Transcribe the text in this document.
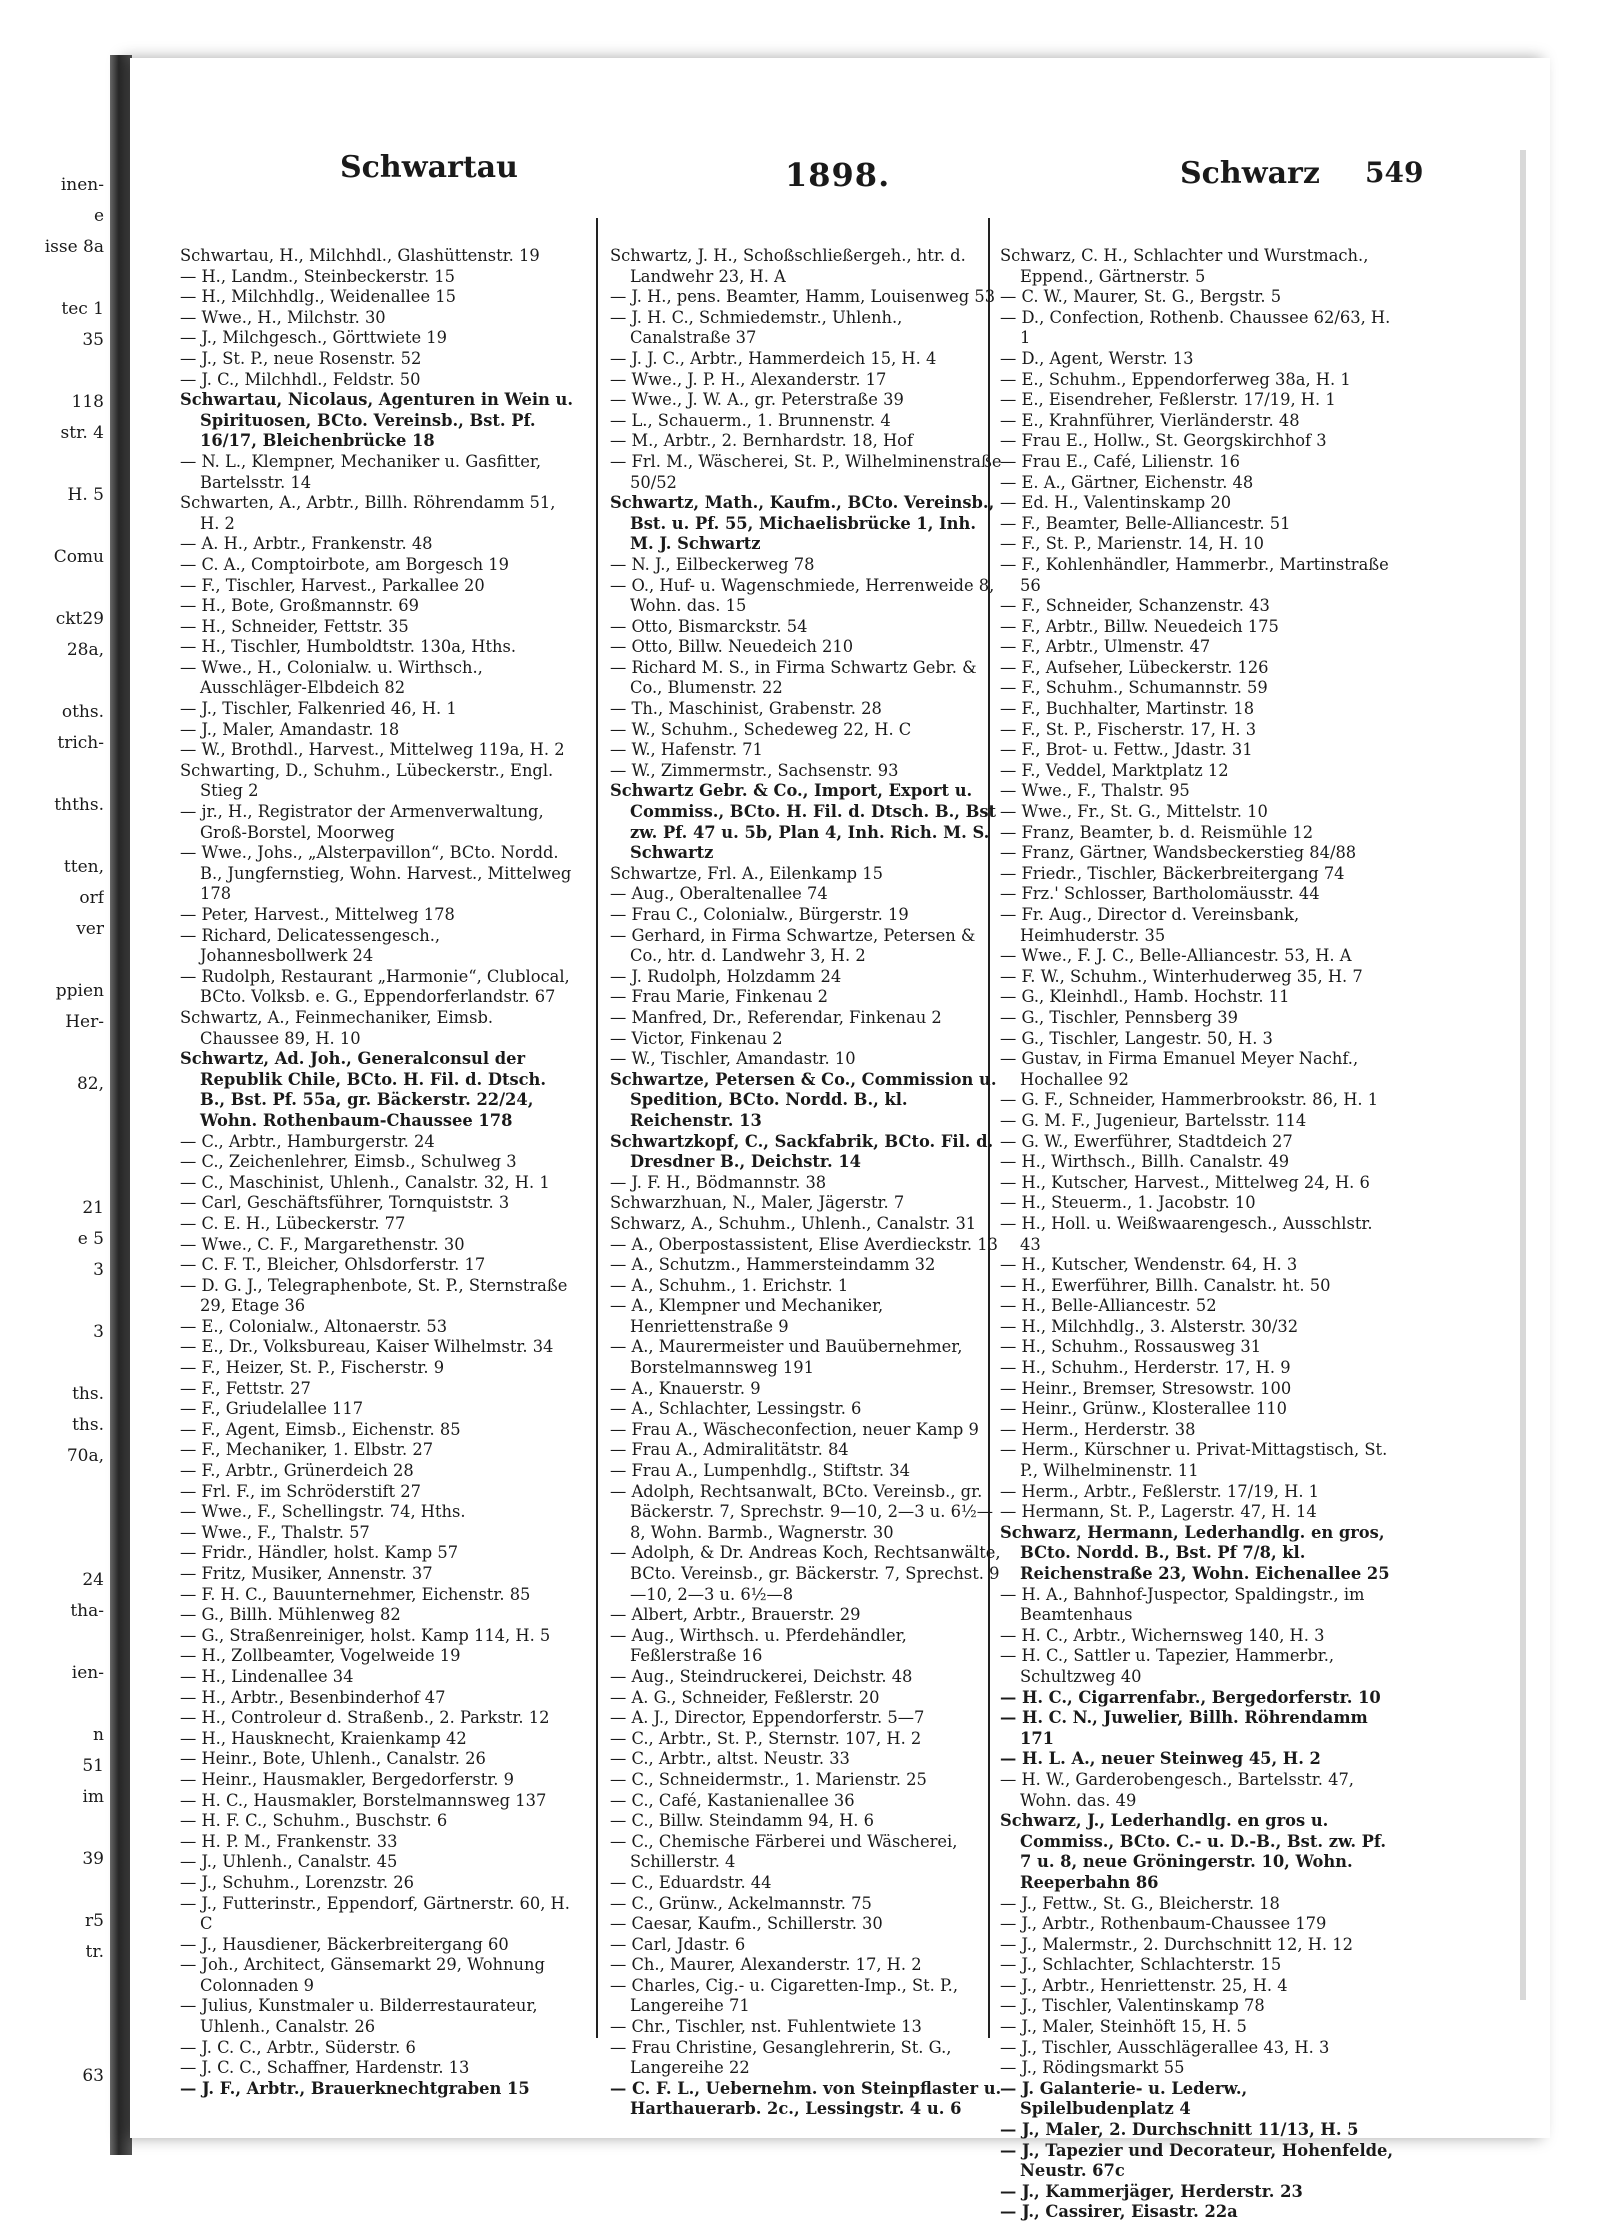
inen-
e
isse 8a
tec 1
35
118
str. 4
H. 5
Comu
ckt29
28a,
oths.
trich-
thths.
tten,
orf
ver
ppien
Her-
82,
21
e 5
3
3
ths.
ths.
70a,
24
tha-
ien-
n
51
im
39
r5
tr.
63
Schwartau	1898.	Schwarz 549

Schwartau, H., Milchhdl., Glashüttenstr. 19

— H., Landm., Steinbeckerstr. 15

— H., Milchhdlg., Weidenallee 15

— Wwe., H., Milchstr. 30

— J., Milchgesch., Görttwiete 19

— J., St. P., neue Rosenstr. 52

— J. C., Milchhdl., Feldstr. 50

Schwartau, Nicolaus, Agenturen in Wein u. Spirituosen, BCto. Vereinsb., Bst. Pf. 16/17, Bleichenbrücke 18

— N. L., Klempner, Mechaniker u. Gasfitter, Bartelsstr. 14

Schwarten, A., Arbtr., Billh. Röhrendamm 51, H. 2

— A. H., Arbtr., Frankenstr. 48

— C. A., Comptoirbote, am Borgesch 19

— F., Tischler, Harvest., Parkallee 20

— H., Bote, Großmannstr. 69

— H., Schneider, Fettstr. 35

— H., Tischler, Humboldtstr. 130a, Hths.

— Wwe., H., Colonialw. u. Wirthsch., Ausschläger-Elbdeich 82

— J., Tischler, Falkenried 46, H. 1

— J., Maler, Amandastr. 18

— W., Brothdl., Harvest., Mittelweg 119a, H. 2

Schwarting, D., Schuhm., Lübeckerstr., Engl. Stieg 2

— jr., H., Registrator der Armenverwaltung, Groß-Borstel, Moorweg

— Wwe., Johs., „Alsterpavillon“, BCto. Nordd. B., Jungfernstieg, Wohn. Harvest., Mittelweg 178

— Peter, Harvest., Mittelweg 178

— Richard, Delicatessengesch., Johannesbollwerk 24

— Rudolph, Restaurant „Harmonie“, Clublocal, BCto. Volksb. e. G., Eppendorferlandstr. 67

Schwartz, A., Feinmechaniker, Eimsb. Chaussee 89, H. 10

Schwartz, Ad. Joh., Generalconsul der Republik Chile, BCto. H. Fil. d. Dtsch. B., Bst. Pf. 55a, gr. Bäckerstr. 22/24, Wohn. Rothenbaum-Chaussee 178

— C., Arbtr., Hamburgerstr. 24

— C., Zeichenlehrer, Eimsb., Schulweg 3

— C., Maschinist, Uhlenh., Canalstr. 32, H. 1

— Carl, Geschäftsführer, Tornquiststr. 3

— C. E. H., Lübeckerstr. 77

— Wwe., C. F., Margarethenstr. 30

— C. F. T., Bleicher, Ohlsdorferstr. 17

— D. G. J., Telegraphenbote, St. P., Sternstraße 29, Etage 36

— E., Colonialw., Altonaerstr. 53

— E., Dr., Volksbureau, Kaiser Wilhelmstr. 34

— F., Heizer, St. P., Fischerstr. 9

— F., Fettstr. 27

— F., Griudelallee 117

— F., Agent, Eimsb., Eichenstr. 85

— F., Mechaniker, 1. Elbstr. 27

— F., Arbtr., Grünerdeich 28

— Frl. F., im Schröderstift 27

— Wwe., F., Schellingstr. 74, Hths.

— Wwe., F., Thalstr. 57

— Fridr., Händler, holst. Kamp 57

— Fritz, Musiker, Annenstr. 37

— F. H. C., Bauunternehmer, Eichenstr. 85

— G., Billh. Mühlenweg 82

— G., Straßenreiniger, holst. Kamp 114, H. 5

— H., Zollbeamter, Vogelweide 19

— H., Lindenallee 34

— H., Arbtr., Besenbinderhof 47

— H., Controleur d. Straßenb., 2. Parkstr. 12

— H., Hausknecht, Kraienkamp 42

— Heinr., Bote, Uhlenh., Canalstr. 26

— Heinr., Hausmakler, Bergedorferstr. 9

— H. C., Hausmakler, Borstelmannsweg 137

— H. F. C., Schuhm., Buschstr. 6

— H. P. M., Frankenstr. 33

— J., Uhlenh., Canalstr. 45

— J., Schuhm., Lorenzstr. 26

— J., Futterinstr., Eppendorf, Gärtnerstr. 60, H. C

— J., Hausdiener, Bäckerbreitergang 60

— Joh., Architect, Gänsemarkt 29, Wohnung Colonnaden 9

— Julius, Kunstmaler u. Bilderrestaurateur, Uhlenh., Canalstr. 26

— J. C. C., Arbtr., Süderstr. 6

— J. C. C., Schaffner, Hardenstr. 13

— J. F., Arbtr., Brauerknechtgraben 15

Schwartz, J. H., Schoßschließergeh., htr. d. Landwehr 23, H. A

— J. H., pens. Beamter, Hamm, Louisenweg 53

— J. H. C., Schmiedemstr., Uhlenh., Canalstraße 37

— J. J. C., Arbtr., Hammerdeich 15, H. 4

— Wwe., J. P. H., Alexanderstr. 17

— Wwe., J. W. A., gr. Peterstraße 39

— L., Schauerm., 1. Brunnenstr. 4

— M., Arbtr., 2. Bernhardstr. 18, Hof

— Frl. M., Wäscherei, St. P., Wilhelminenstraße 50/52

Schwartz, Math., Kaufm., BCto. Vereinsb., Bst. u. Pf. 55, Michaelisbrücke 1, Inh. M. J. Schwartz

— N. J., Eilbeckerweg 78

— O., Huf- u. Wagenschmiede, Herrenweide 8, Wohn. das. 15

— Otto, Bismarckstr. 54

— Otto, Billw. Neuedeich 210

— Richard M. S., in Firma Schwartz Gebr. & Co., Blumenstr. 22

— Th., Maschinist, Grabenstr. 28

— W., Schuhm., Schedeweg 22, H. C

— W., Hafenstr. 71

— W., Zimmermstr., Sachsenstr. 93

Schwartz Gebr. & Co., Import, Export u. Commiss., BCto. H. Fil. d. Dtsch. B., Bst zw. Pf. 47 u. 5b, Plan 4, Inh. Rich. M. S. Schwartz

Schwartze, Frl. A., Eilenkamp 15

— Aug., Oberaltenallee 74

— Frau C., Colonialw., Bürgerstr. 19

— Gerhard, in Firma Schwartze, Petersen & Co., htr. d. Landwehr 3, H. 2

— J. Rudolph, Holzdamm 24

— Frau Marie, Finkenau 2

— Manfred, Dr., Referendar, Finkenau 2

— Victor, Finkenau 2

— W., Tischler, Amandastr. 10

Schwartze, Petersen & Co., Commission u. Spedition, BCto. Nordd. B., kl. Reichenstr. 13

Schwartzkopf, C., Sackfabrik, BCto. Fil. d. Dresdner B., Deichstr. 14

— J. F. H., Bödmannstr. 38

Schwarzhuan, N., Maler, Jägerstr. 7

Schwarz, A., Schuhm., Uhlenh., Canalstr. 31

— A., Oberpostassistent, Elise Averdieckstr. 13

— A., Schutzm., Hammersteindamm 32

— A., Schuhm., 1. Erichstr. 1

— A., Klempner und Mechaniker, Henriettenstraße 9

— A., Maurermeister und Bauübernehmer, Borstelmannsweg 191

— A., Knauerstr. 9

— A., Schlachter, Lessingstr. 6

— Frau A., Wäscheconfection, neuer Kamp 9

— Frau A., Admiralitätstr. 84

— Frau A., Lumpenhdlg., Stiftstr. 34

— Adolph, Rechtsanwalt, BCto. Vereinsb., gr. Bäckerstr. 7, Sprechstr. 9—10, 2—3 u. 6½—8, Wohn. Barmb., Wagnerstr. 30

— Adolph, & Dr. Andreas Koch, Rechtsanwälte, BCto. Vereinsb., gr. Bäckerstr. 7, Sprechst. 9—10, 2—3 u. 6½—8

— Albert, Arbtr., Brauerstr. 29

— Aug., Wirthsch. u. Pferdehändler, Feßlerstraße 16

— Aug., Steindruckerei, Deichstr. 48

— A. G., Schneider, Feßlerstr. 20

— A. J., Director, Eppendorferstr. 5—7

— C., Arbtr., St. P., Sternstr. 107, H. 2

— C., Arbtr., altst. Neustr. 33

— C., Schneidermstr., 1. Marienstr. 25

— C., Café, Kastanienallee 36

— C., Billw. Steindamm 94, H. 6

— C., Chemische Färberei und Wäscherei, Schillerstr. 4

— C., Eduardstr. 44

— C., Grünw., Ackelmannstr. 75

— Caesar, Kaufm., Schillerstr. 30

— Carl, Jdastr. 6

— Ch., Maurer, Alexanderstr. 17, H. 2

— Charles, Cig.- u. Cigaretten-Imp., St. P., Langereihe 71

— Chr., Tischler, nst. Fuhlentwiete 13

— Frau Christine, Gesanglehrerin, St. G., Langereihe 22

— C. F. L., Uebernehm. von Steinpflaster u. Harthauerarb. 2c., Lessingstr. 4 u. 6

Schwarz, C. H., Schlachter und Wurstmach., Eppend., Gärtnerstr. 5

— C. W., Maurer, St. G., Bergstr. 5

— D., Confection, Rothenb. Chaussee 62/63, H. 1

— D., Agent, Werstr. 13

— E., Schuhm., Eppendorferweg 38a, H. 1

— E., Eisendreher, Feßlerstr. 17/19, H. 1

— E., Krahnführer, Vierländerstr. 48

— Frau E., Hollw., St. Georgskirchhof 3

— Frau E., Café, Lilienstr. 16

— E. A., Gärtner, Eichenstr. 48

— Ed. H., Valentinskamp 20

— F., Beamter, Belle-Alliancestr. 51

— F., St. P., Marienstr. 14, H. 10

— F., Kohlenhändler, Hammerbr., Martinstraße 56

— F., Schneider, Schanzenstr. 43

— F., Arbtr., Billw. Neuedeich 175

— F., Arbtr., Ulmenstr. 47

— F., Aufseher, Lübeckerstr. 126

— F., Schuhm., Schumannstr. 59

— F., Buchhalter, Martinstr. 18

— F., St. P., Fischerstr. 17, H. 3

— F., Brot- u. Fettw., Jdastr. 31

— F., Veddel, Marktplatz 12

— Wwe., F., Thalstr. 95

— Wwe., Fr., St. G., Mittelstr. 10

— Franz, Beamter, b. d. Reismühle 12

— Franz, Gärtner, Wandsbeckerstieg 84/88

— Friedr., Tischler, Bäckerbreitergang 74

— Frz.' Schlosser, Bartholomäusstr. 44

— Fr. Aug., Director d. Vereinsbank, Heimhuderstr. 35

— Wwe., F. J. C., Belle-Alliancestr. 53, H. A

— F. W., Schuhm., Winterhuderweg 35, H. 7

— G., Kleinhdl., Hamb. Hochstr. 11

— G., Tischler, Pennsberg 39

— G., Tischler, Langestr. 50, H. 3

— Gustav, in Firma Emanuel Meyer Nachf., Hochallee 92

— G. F., Schneider, Hammerbrookstr. 86, H. 1

— G. M. F., Jugenieur, Bartelsstr. 114

— G. W., Ewerführer, Stadtdeich 27

— H., Wirthsch., Billh. Canalstr. 49

— H., Kutscher, Harvest., Mittelweg 24, H. 6

— H., Steuerm., 1. Jacobstr. 10

— H., Holl. u. Weißwaarengesch., Ausschlstr. 43

— H., Kutscher, Wendenstr. 64, H. 3

— H., Ewerführer, Billh. Canalstr. ht. 50

— H., Belle-Alliancestr. 52

— H., Milchhdlg., 3. Alsterstr. 30/32

— H., Schuhm., Rossausweg 31

— H., Schuhm., Herderstr. 17, H. 9

— Heinr., Bremser, Stresowstr. 100

— Heinr., Grünw., Klosterallee 110

— Herm., Herderstr. 38

— Herm., Kürschner u. Privat-Mittagstisch, St. P., Wilhelminenstr. 11

— Herm., Arbtr., Feßlerstr. 17/19, H. 1

— Hermann, St. P., Lagerstr. 47, H. 14

Schwarz, Hermann, Lederhandlg. en gros, BCto. Nordd. B., Bst. Pf 7/8, kl. Reichenstraße 23, Wohn. Eichenallee 25

— H. A., Bahnhof-Juspector, Spaldingstr., im Beamtenhaus

— H. C., Arbtr., Wichernsweg 140, H. 3

— H. C., Sattler u. Tapezier, Hammerbr., Schultzweg 40

— H. C., Cigarrenfabr., Bergedorferstr. 10

— H. C. N., Juwelier, Billh. Röhrendamm 171

— H. L. A., neuer Steinweg 45, H. 2

— H. W., Garderobengesch., Bartelsstr. 47, Wohn. das. 49

Schwarz, J., Lederhandlg. en gros u. Commiss., BCto. C.- u. D.-B., Bst. zw. Pf. 7 u. 8, neue Gröningerstr. 10, Wohn. Reeperbahn 86

— J., Fettw., St. G., Bleicherstr. 18

— J., Arbtr., Rothenbaum-Chaussee 179

— J., Malermstr., 2. Durchschnitt 12, H. 12

— J., Schlachter, Schlachterstr. 15

— J., Arbtr., Henriettenstr. 25, H. 4

— J., Tischler, Valentinskamp 78

— J., Maler, Steinhöft 15, H. 5

— J., Tischler, Ausschlägerallee 43, H. 3

— J., Rödingsmarkt 55

— J. Galanterie- u. Lederw., Spilelbudenplatz 4

— J., Maler, 2. Durchschnitt 11/13, H. 5

— J., Tapezier und Decorateur, Hohenfelde, Neustr. 67c

— J., Kammerjäger, Herderstr. 23

— J., Cassirer, Eisastr. 22a
